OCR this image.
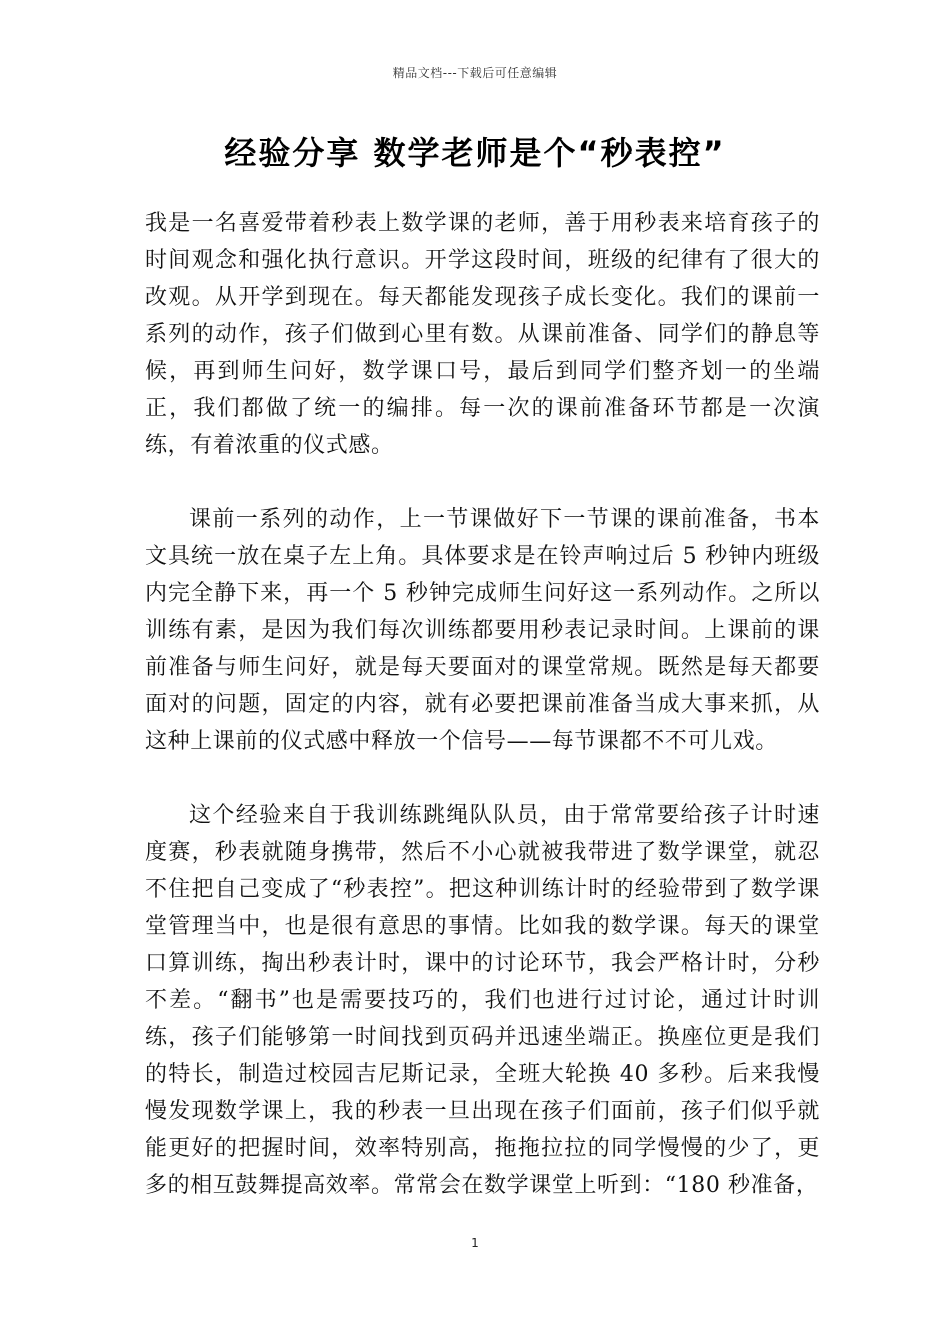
精品文档---下载后可任意编辑
经验分享 数学老师是个“秒表控”

我是一名喜爱带着秒表上数学课的老师，善于用秒表来培育孩子的时间观念和强化执行意识。开学这段时间，班级的纪律有了很大的改观。从开学到现在。每天都能发现孩子成长变化。我们的课前一系列的动作，孩子们做到心里有数。从课前准备、同学们的静息等候，再到师生问好，数学课口号，最后到同学们整齐划一的坐端正，我们都做了统一的编排。每一次的课前准备环节都是一次演练，有着浓重的仪式感。

课前一系列的动作，上一节课做好下一节课的课前准备，书本文具统一放在桌子左上角。具体要求是在铃声响过后 5 秒钟内班级内完全静下来，再一个 5 秒钟完成师生问好这一系列动作。之所以训练有素，是因为我们每次训练都要用秒表记录时间。上课前的课前准备与师生问好，就是每天要面对的课堂常规。既然是每天都要面对的问题，固定的内容，就有必要把课前准备当成大事来抓，从这种上课前的仪式感中释放一个信号——每节课都不不可儿戏。

这个经验来自于我训练跳绳队队员，由于常常要给孩子计时速度赛，秒表就随身携带，然后不小心就被我带进了数学课堂，就忍不住把自己变成了“秒表控”。把这种训练计时的经验带到了数学课堂管理当中，也是很有意思的事情。比如我的数学课。每天的课堂口算训练，掏出秒表计时，课中的讨论环节，我会严格计时，分秒不差。“翻书”也是需要技巧的，我们也进行过讨论，通过计时训练，孩子们能够第一时间找到页码并迅速坐端正。换座位更是我们的特长，制造过校园吉尼斯记录，全班大轮换 40 多秒。后来我慢慢发现数学课上，我的秒表一旦出现在孩子们面前，孩子们似乎就能更好的把握时间，效率特别高，拖拖拉拉的同学慢慢的少了，更多的相互鼓舞提高效率。常常会在数学课堂上听到：“180 秒准备，

1
